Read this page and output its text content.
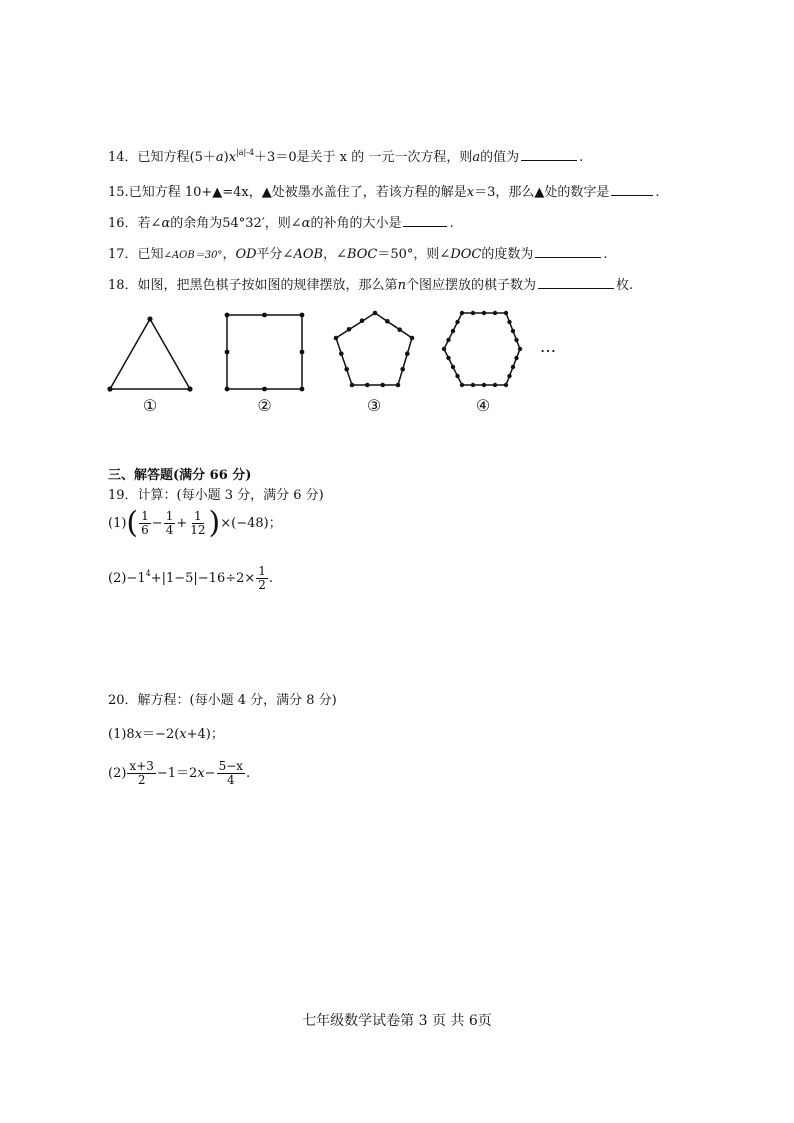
14．已知方程$(5+a)x^{|a|-4}+3=0$是关于 x 的 一元一次方程，则a的值为	.
15.已知方程 10+▲=4x，▲处被墨水盖住了，若该方程的解是x＝3，那么▲处的数字是	.
16．若∠α的余角为54°32′，则∠α的补角的大小是	.
17．已知∠AOB＝30°，OD平分∠AOB，∠BOC＝50°，则∠DOC的度数为	.
18．如图，把黑色棋子按如图的规律摆放，那么第n个图应摆放的棋子数为	枚.
…
①	②	③	④
三、解答题(满分 66 分)
19．计算：(每小题 3 分，满分 6 分)
$(1)( \frac{1}{6} - \frac{1}{4} + \frac{1}{12} )\times(-48)$；
$(2)-1^4+|1-5|-16\div 2\times \frac{1}{2}$ .
20．解方程：(每小题 4 分，满分 8 分)
(1)8x＝−2(x+4)；
$(2) \frac{x+3}{2} -1=2x- \frac{5-x}{4}$ .
七年级数学试卷第 3 页 共 6页
